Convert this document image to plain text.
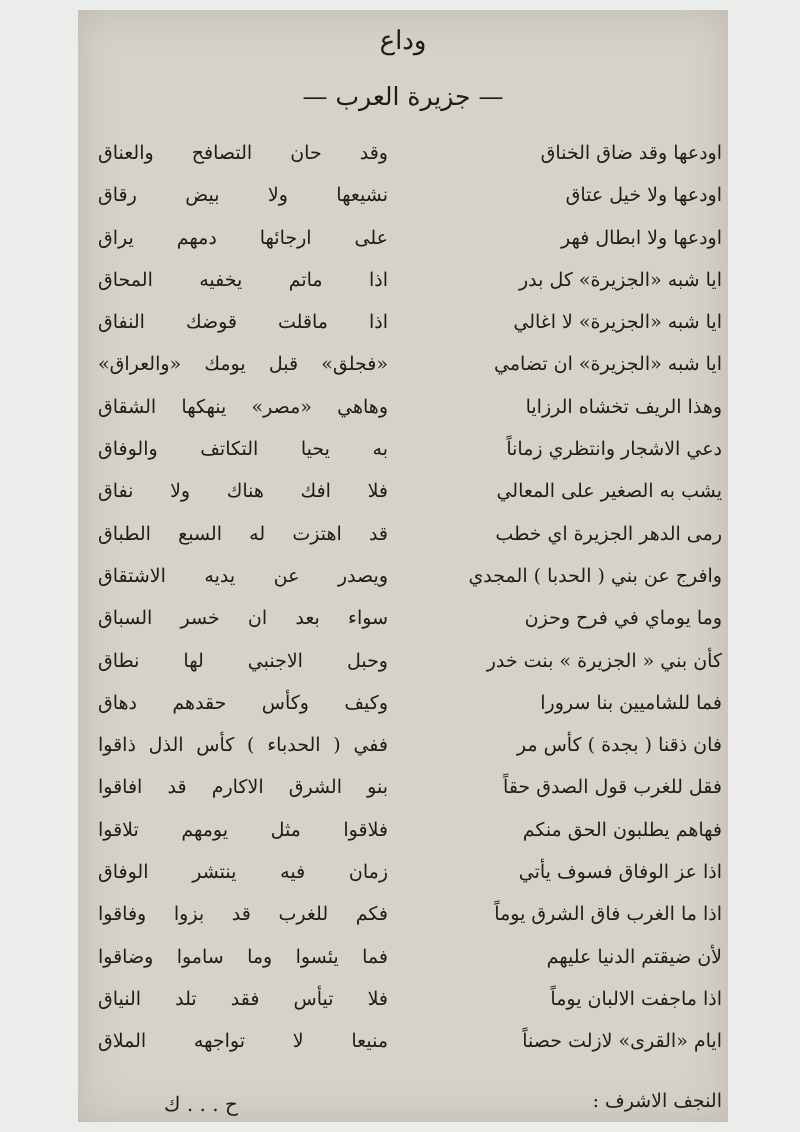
وداع
— جزيرة العرب —
اودعها وقد ضاق الخناق
اودعها ولا خيل عتاق
اودعها ولا ابطال فهر
ايا شبه «الجزيرة» كل بدر
ايا شبه «الجزيرة» لا اغالي
ايا شبه «الجزيرة» ان تضامي
وهذا الريف تخشاه الرزايا
دعي الاشجار وانتظري زماناً
يشب به الصغير على المعالي
رمى الدهر الجزيرة اي خطب
وافرج عن بني ( الحدبا ) المجدي
وما يوماي في فرح وحزن
كأن بني « الجزيرة » بنت خدر
فما للشاميين بنا سرورا
فان ذقنا ( بجدة ) كأس مر
فقل للغرب قول الصدق حقاً
فهاهم يطلبون الحق منكم
اذا عز الوفاق فسوف يأتي
اذا ما الغرب فاق الشرق يوماً
لأن ضيقتم الدنيا عليهم
اذا ماجفت الالبان يوماً
ايام «القرى» لازلت حصناً
وقد حان التصافح والعناق
نشيعها ولا بيض رقاق
على ارجائها دمهم يراق
اذا ماتم يخفيه المحاق
اذا ماقلت قوضك النفاق
«فجلق» قبل يومك «والعراق»
وهاهي «مصر» ينهكها الشقاق
به يحيا التكاتف والوفاق
فلا افك هناك ولا نفاق
قد اهتزت له السبع الطباق
ويصدر عن يديه الاشتقاق
سواء بعد ان خسر السباق
وحبل الاجنبي لها نطاق
وكيف وكأس حقدهم دهاق
ففي ( الحدباء ) كأس الذل ذاقوا
بنو الشرق الاكارم قد افاقوا
فلاقوا مثل يومهم تلاقوا
زمان فيه ينتشر الوفاق
فكم للغرب قد بزوا وفاقوا
فما يئسوا وما ساموا وضاقوا
فلا تيأس فقد تلد النياق
منيعا لا تواجهه الملاق
النجف الاشرف :
ح . . . ك
